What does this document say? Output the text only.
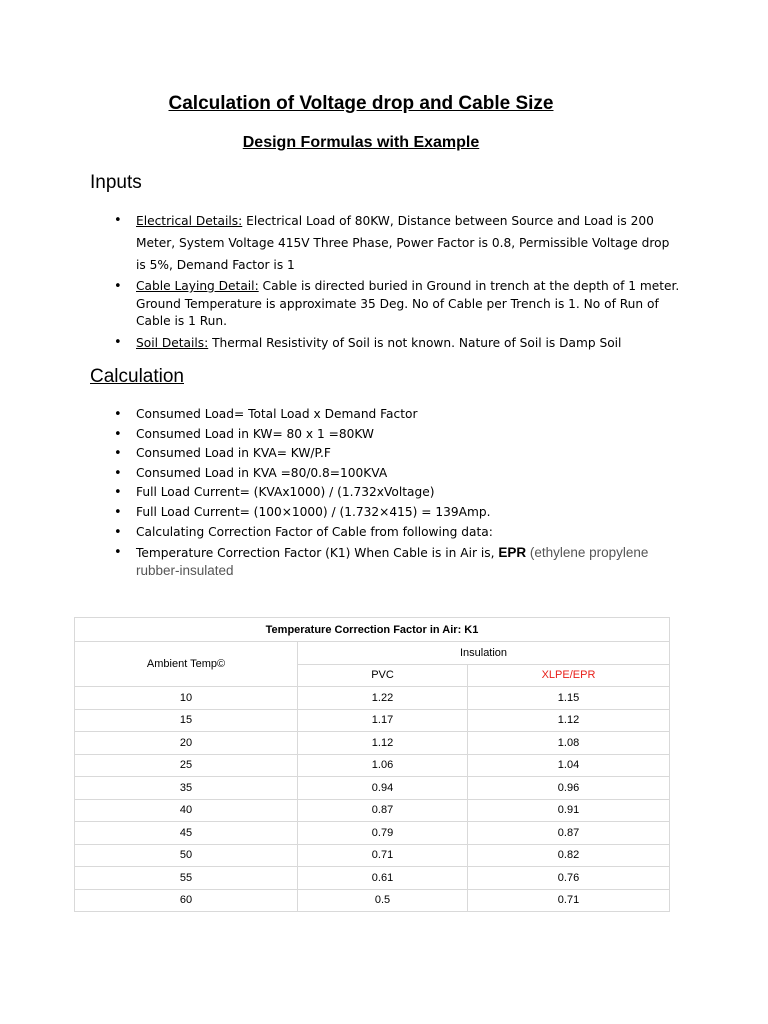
Calculation of Voltage drop and Cable Size
Design Formulas with Example
Inputs
• Electrical Details: Electrical Load of 80KW, Distance between Source and Load is 200 Meter, System Voltage 415V Three Phase, Power Factor is 0.8, Permissible Voltage drop is 5%, Demand Factor is 1
• Cable Laying Detail: Cable is directed buried in Ground in trench at the depth of 1 meter. Ground Temperature is approximate 35 Deg. No of Cable per Trench is 1. No of Run of Cable is 1 Run.
• Soil Details: Thermal Resistivity of Soil is not known. Nature of Soil is Damp Soil
Calculation
• Consumed Load= Total Load x Demand Factor
• Consumed Load in KW= 80 x 1 =80KW
• Consumed Load in KVA= KW/P.F
• Consumed Load in KVA =80/0.8=100KVA
• Full Load Current= (KVAx1000) / (1.732xVoltage)
• Full Load Current= (100×1000) / (1.732×415) = 139Amp.
• Calculating Correction Factor of Cable from following data:
• Temperature Correction Factor (K1) When Cable is in Air is, EPR (ethylene propylene rubber-insulated
Temperature Correction Factor in Air: K1		
Ambient Temp©	Insulation	
	PVC	XLPE/EPR
10	1.22	1.15
15	1.17	1.12
20	1.12	1.08
25	1.06	1.04
35	0.94	0.96
40	0.87	0.91
45	0.79	0.87
50	0.71	0.82
55	0.61	0.76
60	0.5	0.71
